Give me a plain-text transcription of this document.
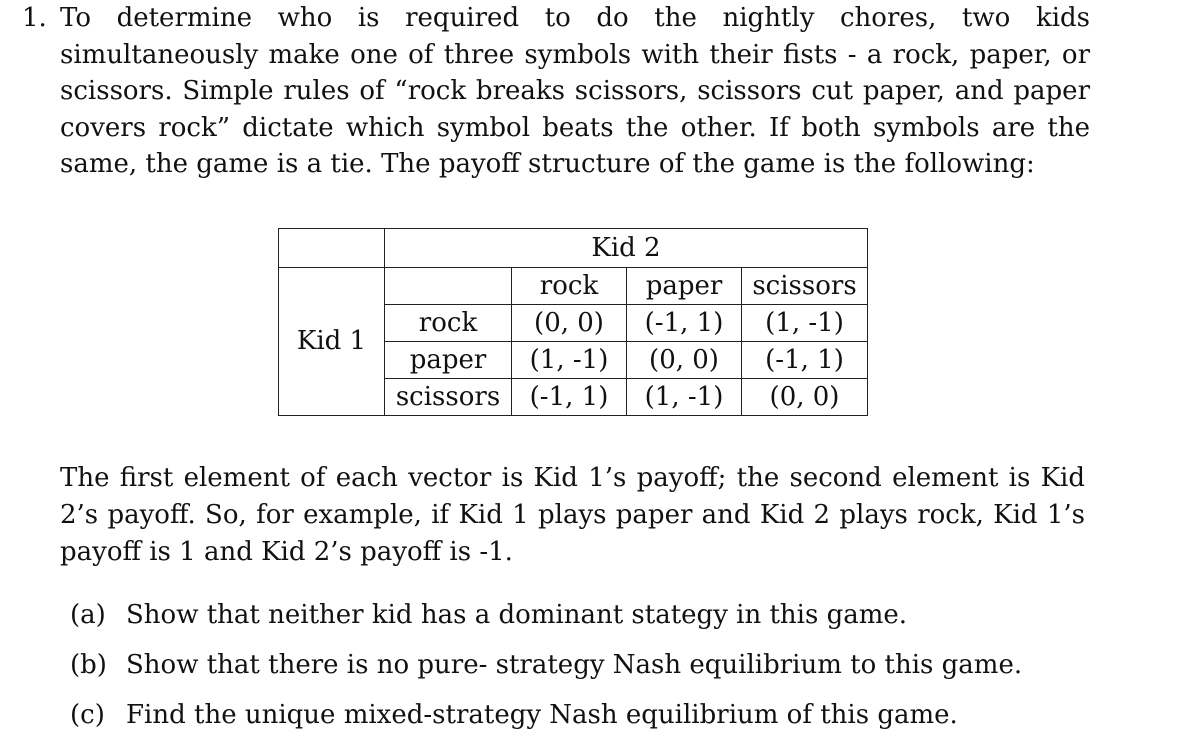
1. To determine who is required to do the nightly chores, two kids simultaneously make one of three symbols with their fists - a rock, paper, or scissors. Simple rules of “rock breaks scissors, scissors cut paper, and paper covers rock” dictate which symbol beats the other. If both symbols are the same, the game is a tie. The payoff structure of the game is the following:

	Kid 2			
Kid 1		rock	paper	scissors
	rock	(0, 0)	(-1, 1)	(1, -1)
	paper	(1, -1)	(0, 0)	(-1, 1)
	scissors	(-1, 1)	(1, -1)	(0, 0)

The first element of each vector is Kid 1’s payoff; the second element is Kid 2’s payoff. So, for example, if Kid 1 plays paper and Kid 2 plays rock, Kid 1’s payoff is 1 and Kid 2’s payoff is -1.

(a) Show that neither kid has a dominant stategy in this game.
(b) Show that there is no pure- strategy Nash equilibrium to this game.
(c) Find the unique mixed-strategy Nash equilibrium of this game.
